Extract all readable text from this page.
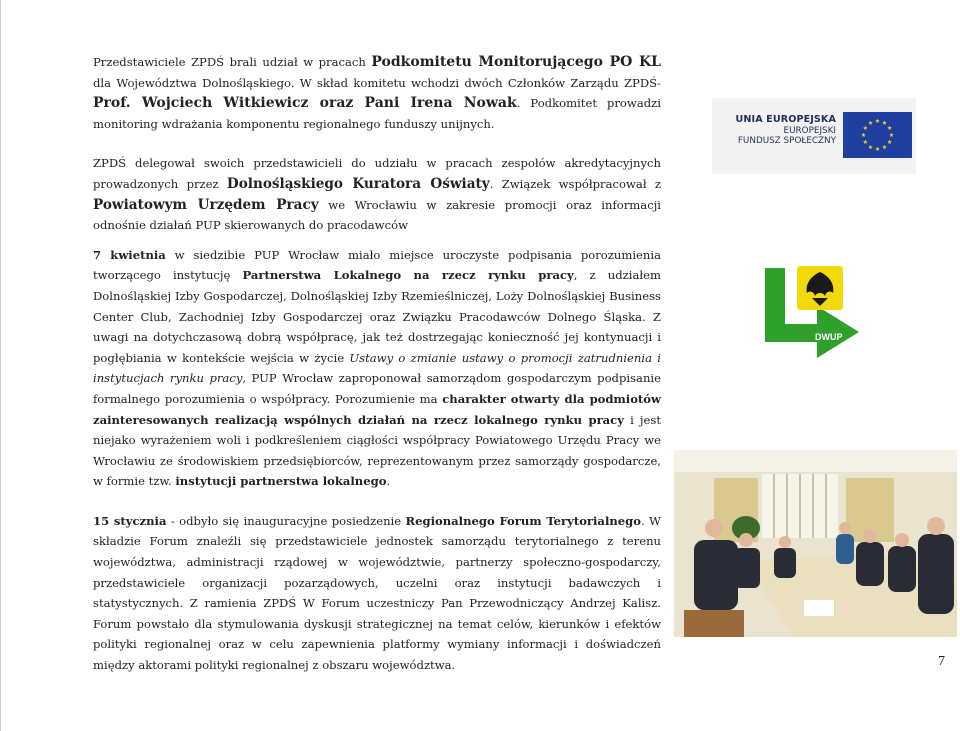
Przedstawiciele ZPDŚ brali udział w pracach Podkomitetu Monitorującego PO KL dla Województwa Dolnośląskiego. W skład komitetu wchodzi dwóch Członków Zarządu ZPDŚ- Prof. Wojciech Witkiewicz oraz Pani Irena Nowak. Podkomitet prowadzi monitoring wdrażania komponentu regionalnego funduszy unijnych.

ZPDŚ delegował swoich przedstawicieli do udziału w pracach zespołów akredytacyjnych prowadzonych przez Dolnośląskiego Kuratora Oświaty. Związek współpracował z Powiatowym Urzędem Pracy we Wrocławiu w zakresie promocji oraz informacji odnośnie działań PUP skierowanych do pracodawców

7 kwietnia w siedzibie PUP Wrocław miało miejsce uroczyste podpisania porozumienia tworzącego instytucję Partnerstwa Lokalnego na rzecz rynku pracy, z udziałem Dolnośląskiej Izby Gospodarczej, Dolnośląskiej Izby Rzemieślniczej, Loży Dolnośląskiej Business Center Club, Zachodniej Izby Gospodarczej oraz Związku Pracodawców Dolnego Śląska. Z uwagi na dotychczasową dobrą współpracę, jak też dostrzegając konieczność jej kontynuacji i pogłębiania w kontekście wejścia w życie Ustawy o zmianie ustawy o promocji zatrudnienia i instytucjach rynku pracy, PUP Wrocław zaproponował samorządom gospodarczym podpisanie formalnego porozumienia o współpracy. Porozumienie ma charakter otwarty dla podmiotów zainteresowanych realizacją wspólnych działań na rzecz lokalnego rynku pracy i jest niejako wyrażeniem woli i podkreśleniem ciągłości współpracy Powiatowego Urzędu Pracy we Wrocławiu ze środowiskiem przedsiębiorców, reprezentowanym przez samorządy gospodarcze, w formie tzw. instytucji partnerstwa lokalnego.

15 stycznia - odbyło się inauguracyjne posiedzenie Regionalnego Forum Terytorialnego. W składzie Forum znaleźli się przedstawiciele jednostek samorządu terytorialnego z terenu województwa, administracji rządowej w województwie, partnerzy społeczno-gospodarczy, przedstawiciele organizacji pozarządowych, uczelni oraz instytucji badawczych i statystycznych. Z ramienia ZPDŚ W Forum uczestniczy Pan Przewodniczący Andrzej Kalisz. Forum powstało dla stymulowania dyskusji strategicznej na temat celów, kierunków i efektów polityki regionalnej oraz w celu zapewnienia platformy wymiany informacji i doświadczeń między aktorami polityki regionalnej z obszaru województwa.

UNIA EUROPEJSKA
EUROPEJSKI
FUNDUSZ SPOŁECZNY
DWUP
7
